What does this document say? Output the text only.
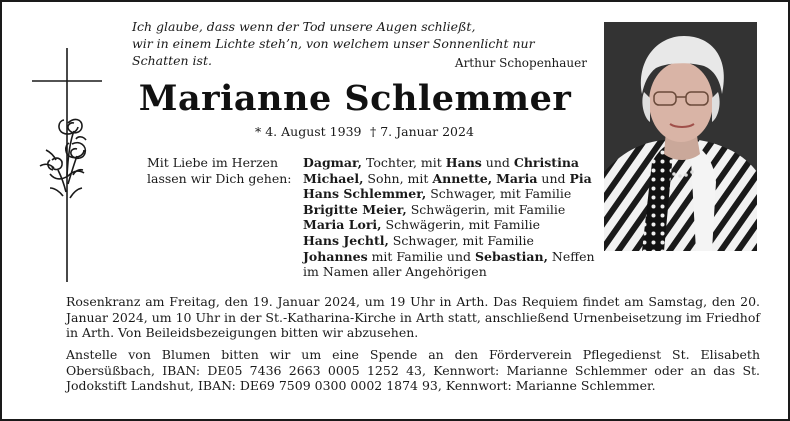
Ich glaube, dass wenn der Tod unsere Augen schließt,
wir in einem Lichte steh’n, von welchem unser Sonnenlicht nur Schatten ist.	Arthur Schopenhauer
Marianne Schlemmer
* 4. August 1939 † 7. Januar 2024
Mit Liebe im Herzen
lassen wir Dich gehen:
Dagmar, Tochter, mit Hans und Christina
Michael, Sohn, mit Annette, Maria und Pia
Hans Schlemmer, Schwager, mit Familie
Brigitte Meier, Schwägerin, mit Familie
Maria Lori, Schwägerin, mit Familie
Hans Jechtl, Schwager, mit Familie
Johannes mit Familie und Sebastian, Neffen
im Namen aller Angehörigen
Rosenkranz am Freitag, den 19. Januar 2024, um 19 Uhr in Arth. Das Requiem findet am Samstag, den 20. Januar 2024, um 10 Uhr in der St.-Katharina-Kirche in Arth statt, anschließend Urnenbeisetzung im Friedhof in Arth. Von Beileidsbezeigungen bitten wir abzusehen.
Anstelle von Blumen bitten wir um eine Spende an den Förderverein Pflegedienst St. Elisabeth Obersüßbach, IBAN: DE05 7436 2663 0005 1252 43, Kennwort: Marianne Schlemmer oder an das St. Jodokstift Landshut, IBAN: DE69 7509 0300 0002 1874 93, Kennwort: Marianne Schlemmer.
